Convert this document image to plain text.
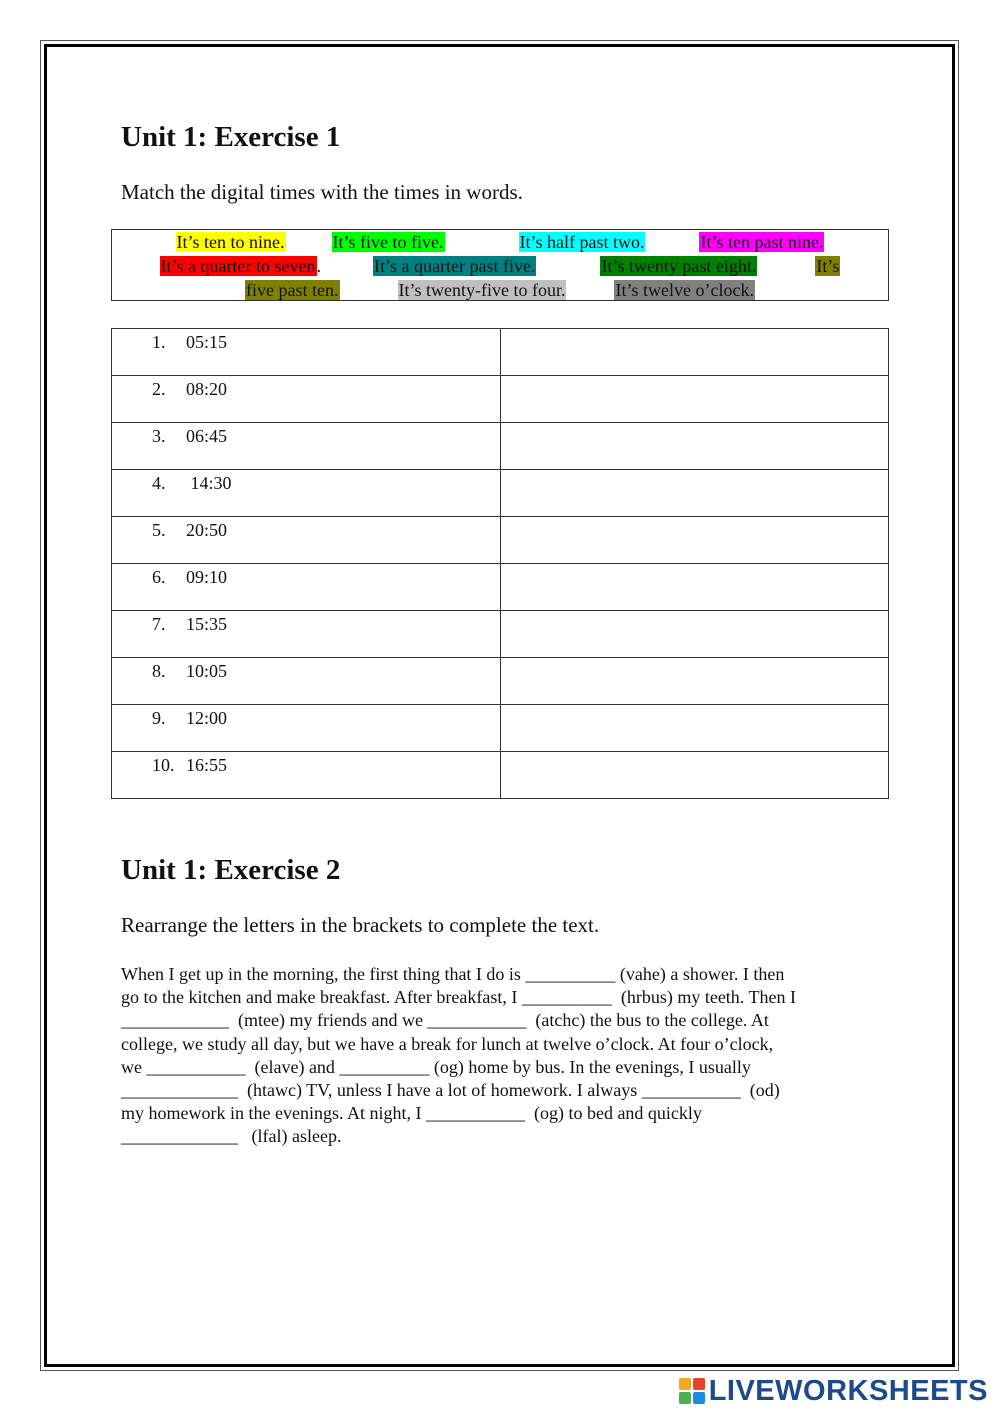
Unit 1: Exercise 1

Match the digital times with the times in words.

It’s ten to nine.	It’s five to five.	It’s half past two.	It’s ten past nine.
It’s a quarter to seven.	It’s a quarter past five.	It’s twenty past eight.	It’s
five past ten.	It’s twenty-five to four.	It’s twelve o’clock.
1. 05:15	
2. 08:20	
3. 06:45	
4. 14:30	
5. 20:50	
6. 09:10	
7. 15:35	
8. 10:05	
9. 12:00	
10. 16:55	
Unit 1: Exercise 2

Rearrange the letters in the brackets to complete the text.

When I get up in the morning, the first thing that I do is __________ (vahe) a shower. I then
go to the kitchen and make breakfast. After breakfast, I __________  (hrbus) my teeth. Then I
____________  (mtee) my friends and we ___________  (atchc) the bus to the college. At
college, we study all day, but we have a break for lunch at twelve o’clock. At four o’clock,
we ___________  (elave) and __________ (og) home by bus. In the evenings, I usually
_____________  (htawc) TV, unless I have a lot of homework. I always ___________  (od)
my homework in the evenings. At night, I ___________  (og) to bed and quickly
_____________   (lfal) asleep.
LIVEWORKSHEETS
